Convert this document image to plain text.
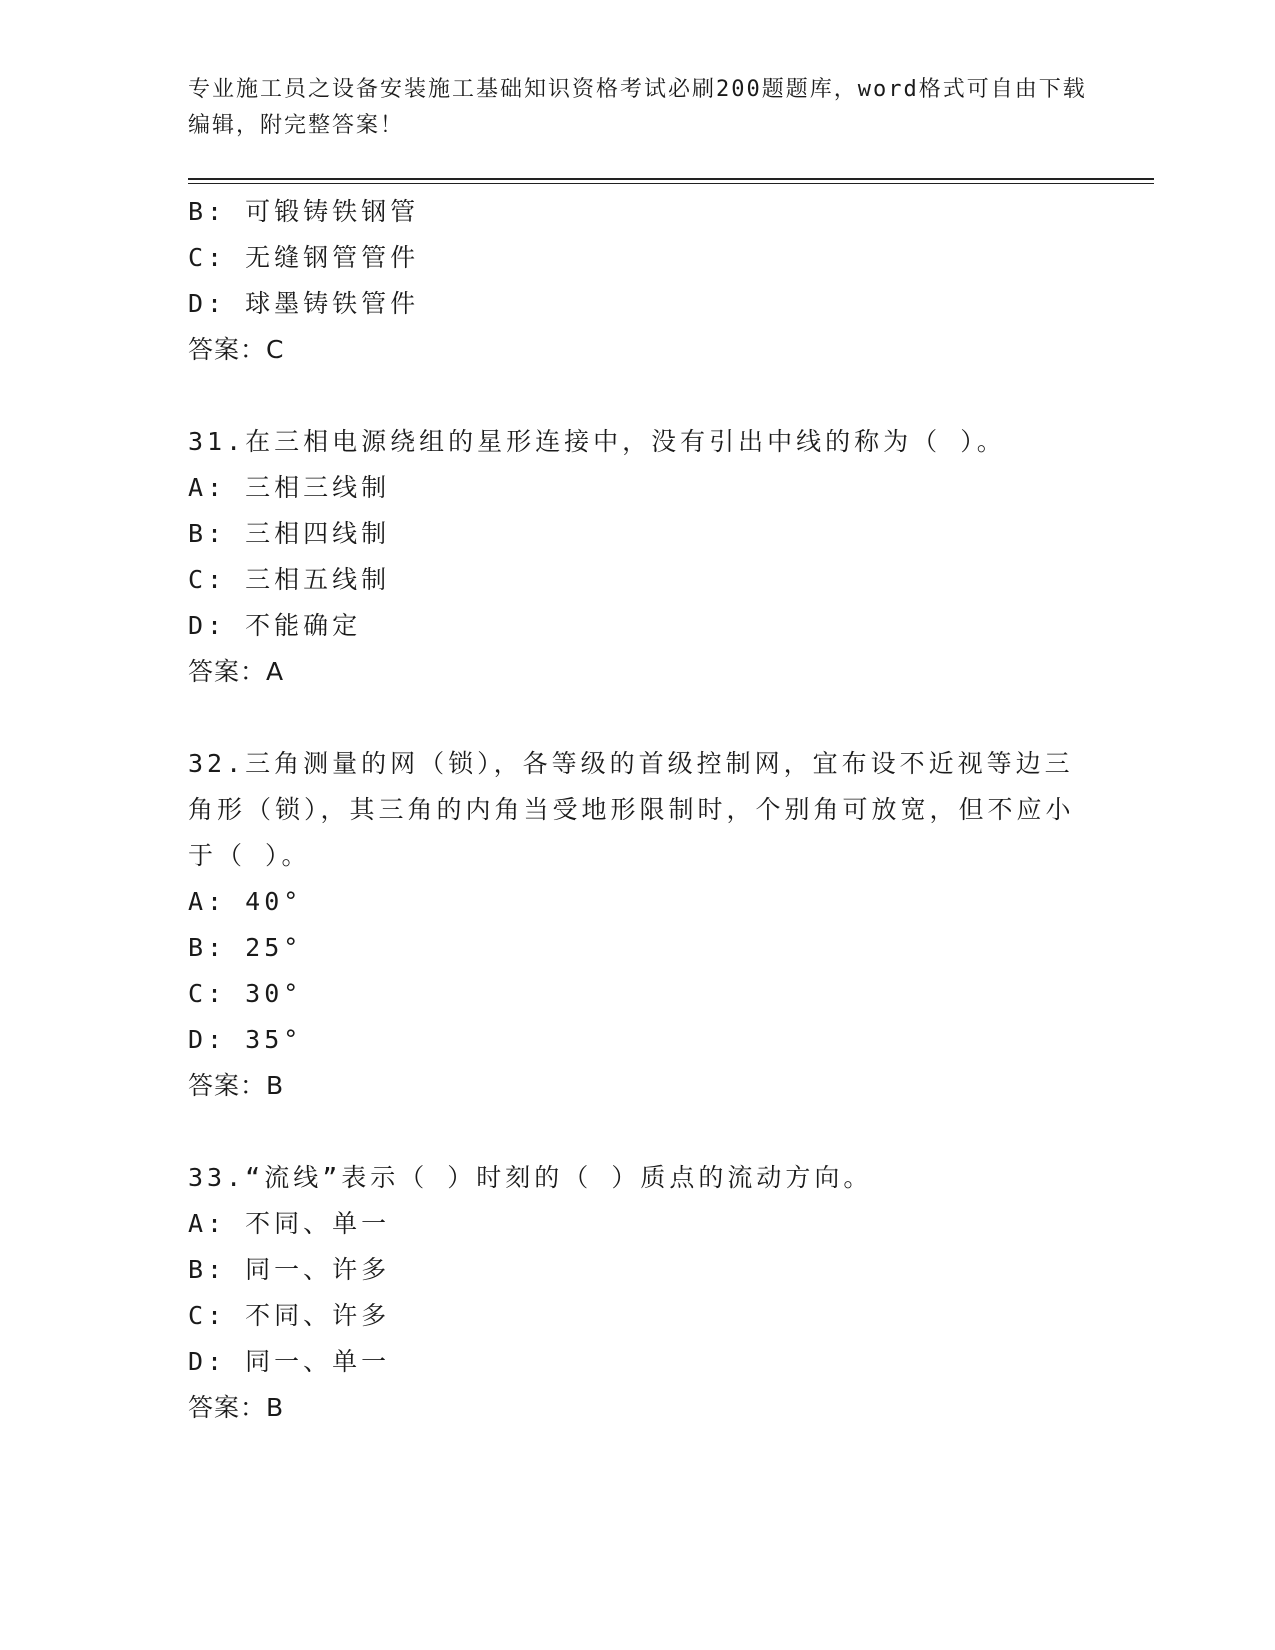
专业施工员之设备安装施工基础知识资格考试必刷200题题库，word格式可自由下载编辑，附完整答案！

B: 可锻铸铁钢管

C: 无缝钢管管件

D: 球墨铸铁管件

答案：C

31.在三相电源绕组的星形连接中，没有引出中线的称为（ ）。

A: 三相三线制

B: 三相四线制

C: 三相五线制

D: 不能确定

答案：A

32.三角测量的网（锁），各等级的首级控制网，宜布设不近视等边三角形（锁），其三角的内角当受地形限制时，个别角可放宽，但不应小于（ ）。

A: 40°

B: 25°

C: 30°

D: 35°

答案：B

33.“流线”表示（ ）时刻的（ ）质点的流动方向。

A: 不同、单一

B: 同一、许多

C: 不同、许多

D: 同一、单一

答案：B
